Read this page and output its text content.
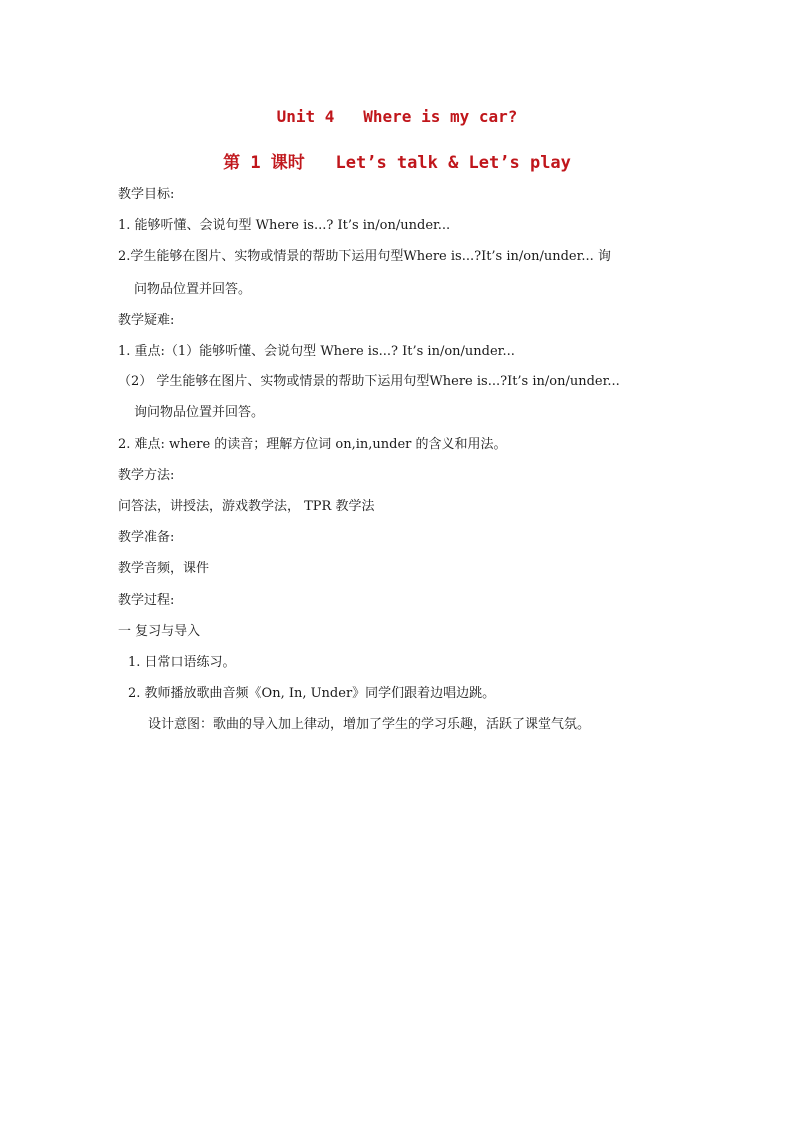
Unit 4   Where is my car?
第 1 课时   Let’s talk & Let’s play
教学目标:
1. 能够听懂、会说句型 Where is...? It’s in/on/under...
2.学生能够在图片、实物或情景的帮助下运用句型Where is...?It’s in/on/under... 询
问物品位置并回答。
教学疑难:
1. 重点:（1）能够听懂、会说句型 Where is...? It’s in/on/under...
（2） 学生能够在图片、实物或情景的帮助下运用句型Where is...?It’s in/on/under...
询问物品位置并回答。
2. 难点: where 的读音；理解方位词 on,in,under 的含义和用法。
教学方法:
问答法，讲授法，游戏教学法， TPR 教学法
教学准备:
教学音频，课件
教学过程:
一 复习与导入
1. 日常口语练习。
2. 教师播放歌曲音频《On, In, Under》同学们跟着边唱边跳。
设计意图：歌曲的导入加上律动，增加了学生的学习乐趣，活跃了课堂气氛。
